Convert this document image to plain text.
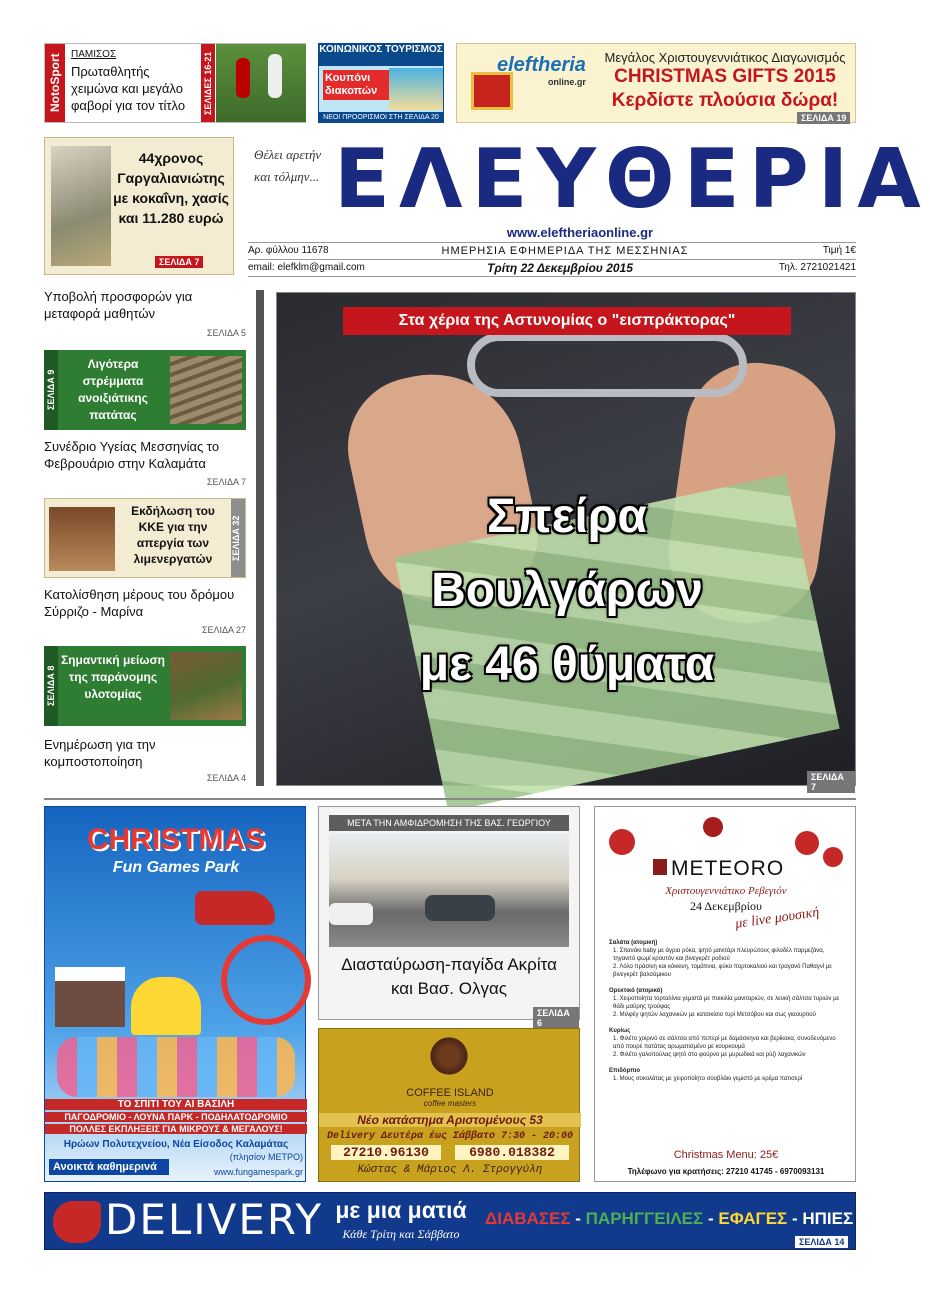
NotoSport ΠΑΜΙΣΟΣ
Πρωταθλητής χειμώνα και μεγάλο φαβορί για τον τίτλο	ΣΕΛΙΔΕΣ 16-21
ΚΟΙΝΩΝΙΚΟΣ ΤΟΥΡΙΣΜΟΣ
Κουπόνι διακοπών
ΝΕΟΙ ΠΡΟΟΡΙΣΜΟΙ ΣΤΗ ΣΕΛΙΔΑ 20
eleftheria
online.gr
Μεγάλος Χριστουγεννιάτικος Διαγωνισμός
CHRISTMAS GIFTS 2015
Κερδίστε πλούσια δώρα!
ΣΕΛΙΔΑ 19
44χρονος Γαργαλιανιώτης με κοκαΐνη, χασίς και 11.280 ευρώ
ΣΕΛΙΔΑ 7
Θέλει αρετήν και τόλμην... ΕΛΕΥΘΕΡΙΑ
www.eleftheriaonline.gr
Αρ. φύλλου 11678	ΗΜΕΡΗΣΙΑ ΕΦΗΜΕΡΙΔΑ ΤΗΣ ΜΕΣΣΗΝΙΑΣ	Τιμή 1€
email: elefklm@gmail.com	Τρίτη 22 Δεκεμβρίου 2015	Τηλ. 2721021421
Υποβολή προσφορών για μεταφορά μαθητών
ΣΕΛΙΔΑ 5
ΣΕΛΙΔΑ 9
Λιγότερα στρέμματα ανοιξιάτικης πατάτας
Συνέδριο Υγείας Μεσσηνίας το Φεβρουάριο στην Καλαμάτα
ΣΕΛΙΔΑ 7
Εκδήλωση του ΚΚΕ για την απεργία των λιμενεργατών	ΣΕΛΙΔΑ 32
Κατολίσθηση μέρους του δρόμου Σύρριζο - Μαρίνα
ΣΕΛΙΔΑ 27
ΣΕΛΙΔΑ 8
Σημαντική μείωση της παράνομης υλοτομίας
Ενημέρωση για την κομποστοποίηση
ΣΕΛΙΔΑ 4
Στα χέρια της Αστυνομίας ο "εισπράκτορας"
Σπείρα
Βουλγάρων
με 46 θύματα
ΣΕΛΙΔΑ 7
CHRISTMAS
Fun Games Park
ΤΟ ΣΠΙΤΙ ΤΟΥ ΑΙ ΒΑΣΙΛΗ
ΠΑΓΟΔΡΟΜΙΟ - ΛΟΥΝΑ ΠΑΡΚ - ΠΟΔΗΛΑΤΟΔΡΟΜΙΟ
ΠΟΛΛΕΣ ΕΚΠΛΗΞΕΙΣ ΓΙΑ ΜΙΚΡΟΥΣ & ΜΕΓΑΛΟΥΣ!
Ηρώων Πολυτεχνείου, Νέα Είσοδος Καλαμάτας
(πλησίον ΜΕΤΡΟ)
Ανοικτά καθημερινά	www.fungamespark.gr
ΜΕΤΑ ΤΗΝ ΑΜΦΙΔΡΟΜΗΣΗ ΤΗΣ ΒΑΣ. ΓΕΩΡΓΙΟΥ
Διασταύρωση-παγίδα Ακρίτα και Βασ. Ολγας
ΣΕΛΙΔΑ 6
COFFEE ISLAND
coffee masters
Νέο κατάστημα Αριστομένους 53
Delivery Δευτέρα έως Σάββατο 7:30 - 20:00
27210.96130	6980.018382
Κώστας & Μάριος Λ. Στρογγύλη
METEORO
Χριστουγεννιάτικο Ρεβεγιόν
24 Δεκεμβρίου
με live μουσική
Σαλάτα (ατομική)
1. Σπανάκι baby με άγρια ρόκα, ψητό μανιτάρι πλευρώτους φιλοδέλ παρμεζάνα, τηγανιτό ψωμί κρουτόν και βινεγκρέτ ροδιού
2. Λόλο πράσινη και κόκκινη, τομάτινια, φύκο πορτοκαλιού και τραγανό Παθαγνί με βινεγκρέτ βαλσάμικου
Ορεκτικό (ατομικό)
1. Χειροποίητα τορταλίνια γεμιστά με ποικιλία μανιταριών, σε λευκή σάλτσα τυριών με θάδι μαύρης τρούφας
2. Μιλφέγ ψητών λαχανικών με κατσικίσιο τυρί Μετσόβου και σως γιαουρτιού
Κυρίως
1. Φιλέτο χοιρινό σε σάλτσα από πεπερί με δαμάσκηνα και βερίκοκα, συνοδευόμενο από πουρέ πατάτας αρωματισμένο με κουρκουμά
2. Φιλέτο γαλοπούλας ψητό στο φούρνο με μυρωδικά και ρύζι λαχανικών
Επιδόρπιο
1. Μους σοκολάτας με χειροποίητο σουβλάκι γεμιστό με κρέμα πατισερί
Christmas Menu: 25€
Τηλέφωνο για κρατήσεις: 27210 41745 - 6970093131
DELIVERY με μια ματιά
Κάθε Τρίτη και Σάββατο
ΔΙΑΒΑΣΕΣ - ΠΑΡΗΓΓΕΙΛΕΣ - ΕΦΑΓΕΣ - ΗΠΙΕΣ
ΣΕΛΙΔΑ 14
